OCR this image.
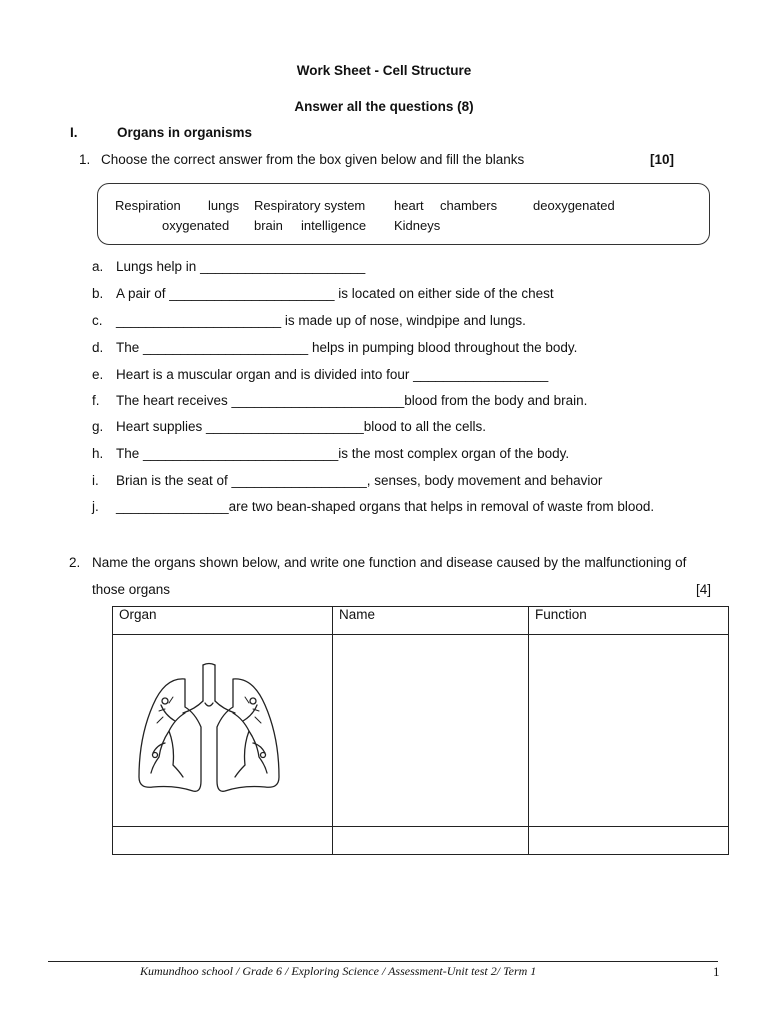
Work Sheet - Cell Structure
Answer all the questions (8)
I.	Organs in organisms
1. Choose the correct answer from the box given below and fill the blanks	[10]
Respiration lungs Respiratory system heart chambers	deoxygenated
oxygenated brain intelligence Kidneys
a. Lungs help in ______________________
b. A pair of ______________________ is located on either side of the chest
c. ______________________ is made up of nose, windpipe and lungs.
d. The ______________________ helps in pumping blood throughout the body.
e. Heart is a muscular organ and is divided into four __________________
f. The heart receives _______________________blood from the body and brain.
g. Heart supplies _____________________blood to all the cells.
h. The __________________________is the most complex organ of the body.
i. Brian is the seat of __________________, senses, body movement and behavior
j. _______________are two bean-shaped organs that helps in removal of waste from blood.
2. Name the organs shown below, and write one function and disease caused by the malfunctioning of
those organs	[4]
Organ	Name	Function

Kumundhoo school / Grade 6 / Exploring Science / Assessment-Unit test 2/ Term 1	1
